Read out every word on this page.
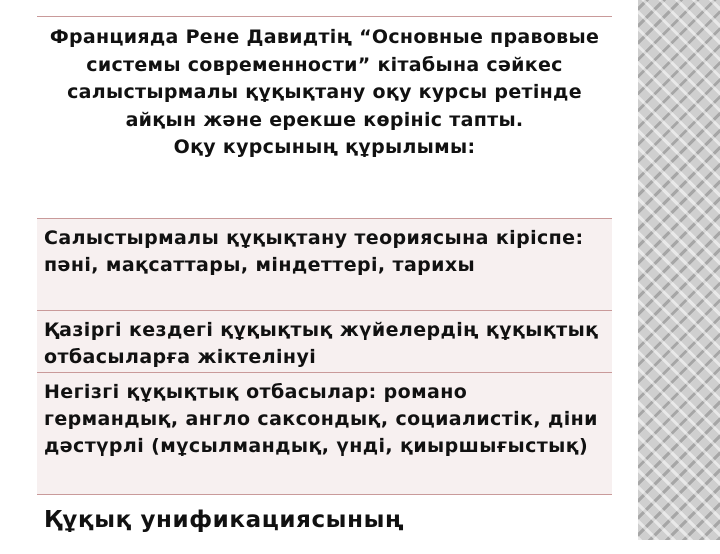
Францияда Рене Давидтің “Основные правовые системы современности” кітабына сәйкес салыстырмалы құқықтану оқу курсы ретінде айқын және ерекше көрініс тапты.
Оқу курсының құрылымы:
Салыстырмалы құқықтану теориясына кіріспе: пәні, мақсаттары, міндеттері, тарихы
Қазіргі кездегі құқықтық жүйелердің құқықтық отбасыларға жіктелінуі
Негізгі құқықтық отбасылар: романо германдық, англо саксондық, социалистік, діни дәстүрлі (мұсылмандық, үнді, қиыршығыстық)
Құқық унификациясының
